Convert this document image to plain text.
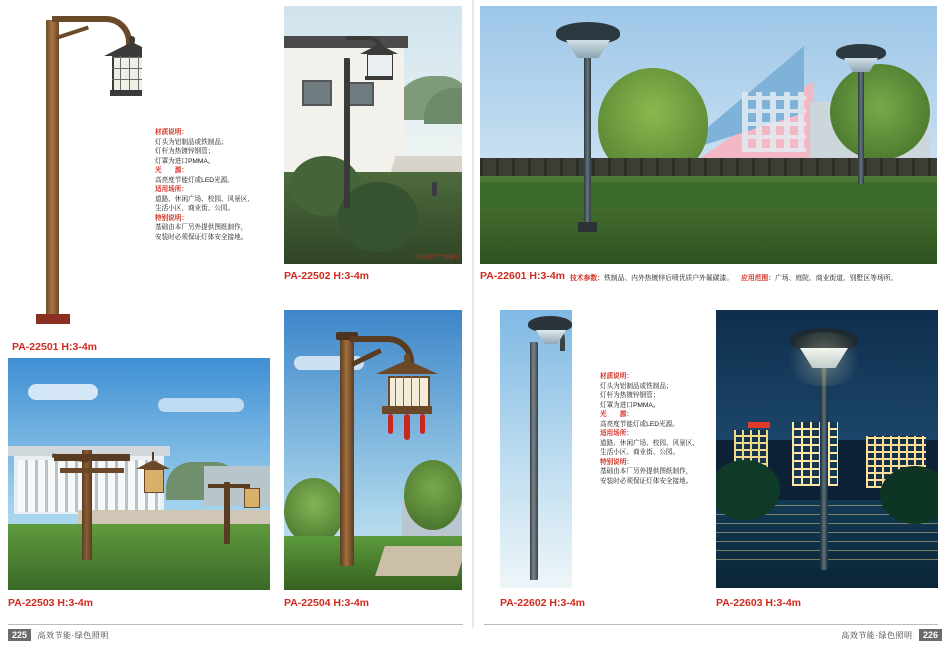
PA-22501 H:3-4m
材质说明：
灯头为铝制品或铁制品；
灯杆为热镀锌钢管；
灯罩为进口PMMA。
光　　源：
高亮度节能灯或LED光源。
适用场所：
道路、休闲广场、校园、风景区、
生活小区、商业街、公园。
特别说明：
基础由本厂另外提供图纸制作，
安装时必须保证灯体安全接地。
原标图片严禁翻印
PA-22502 H:3-4m	PA-22601 H:3-4m 技术参数：铁制品、内外热镀锌后喷优质户外氟碳漆。 应用范围：广场、庭院、商业街道、别墅区等场所。
PA-22503 H:3-4m	PA-22504 H:3-4m	PA-22602 H:3-4m
材质说明：
灯头为铝制品或铁制品；
灯杆为热镀锌钢管；
灯罩为进口PMMA。
光　　源：
高亮度节能灯或LED光源。
适用场所：
道路、休闲广场、校园、风景区、
生活小区、商业街、公园。
特别说明：
基础由本厂另外提供图纸制作，
安装时必须保证灯体安全接地。
PA-22603 H:3-4m
225 高效节能·绿色照明	高效节能·绿色照明 226
